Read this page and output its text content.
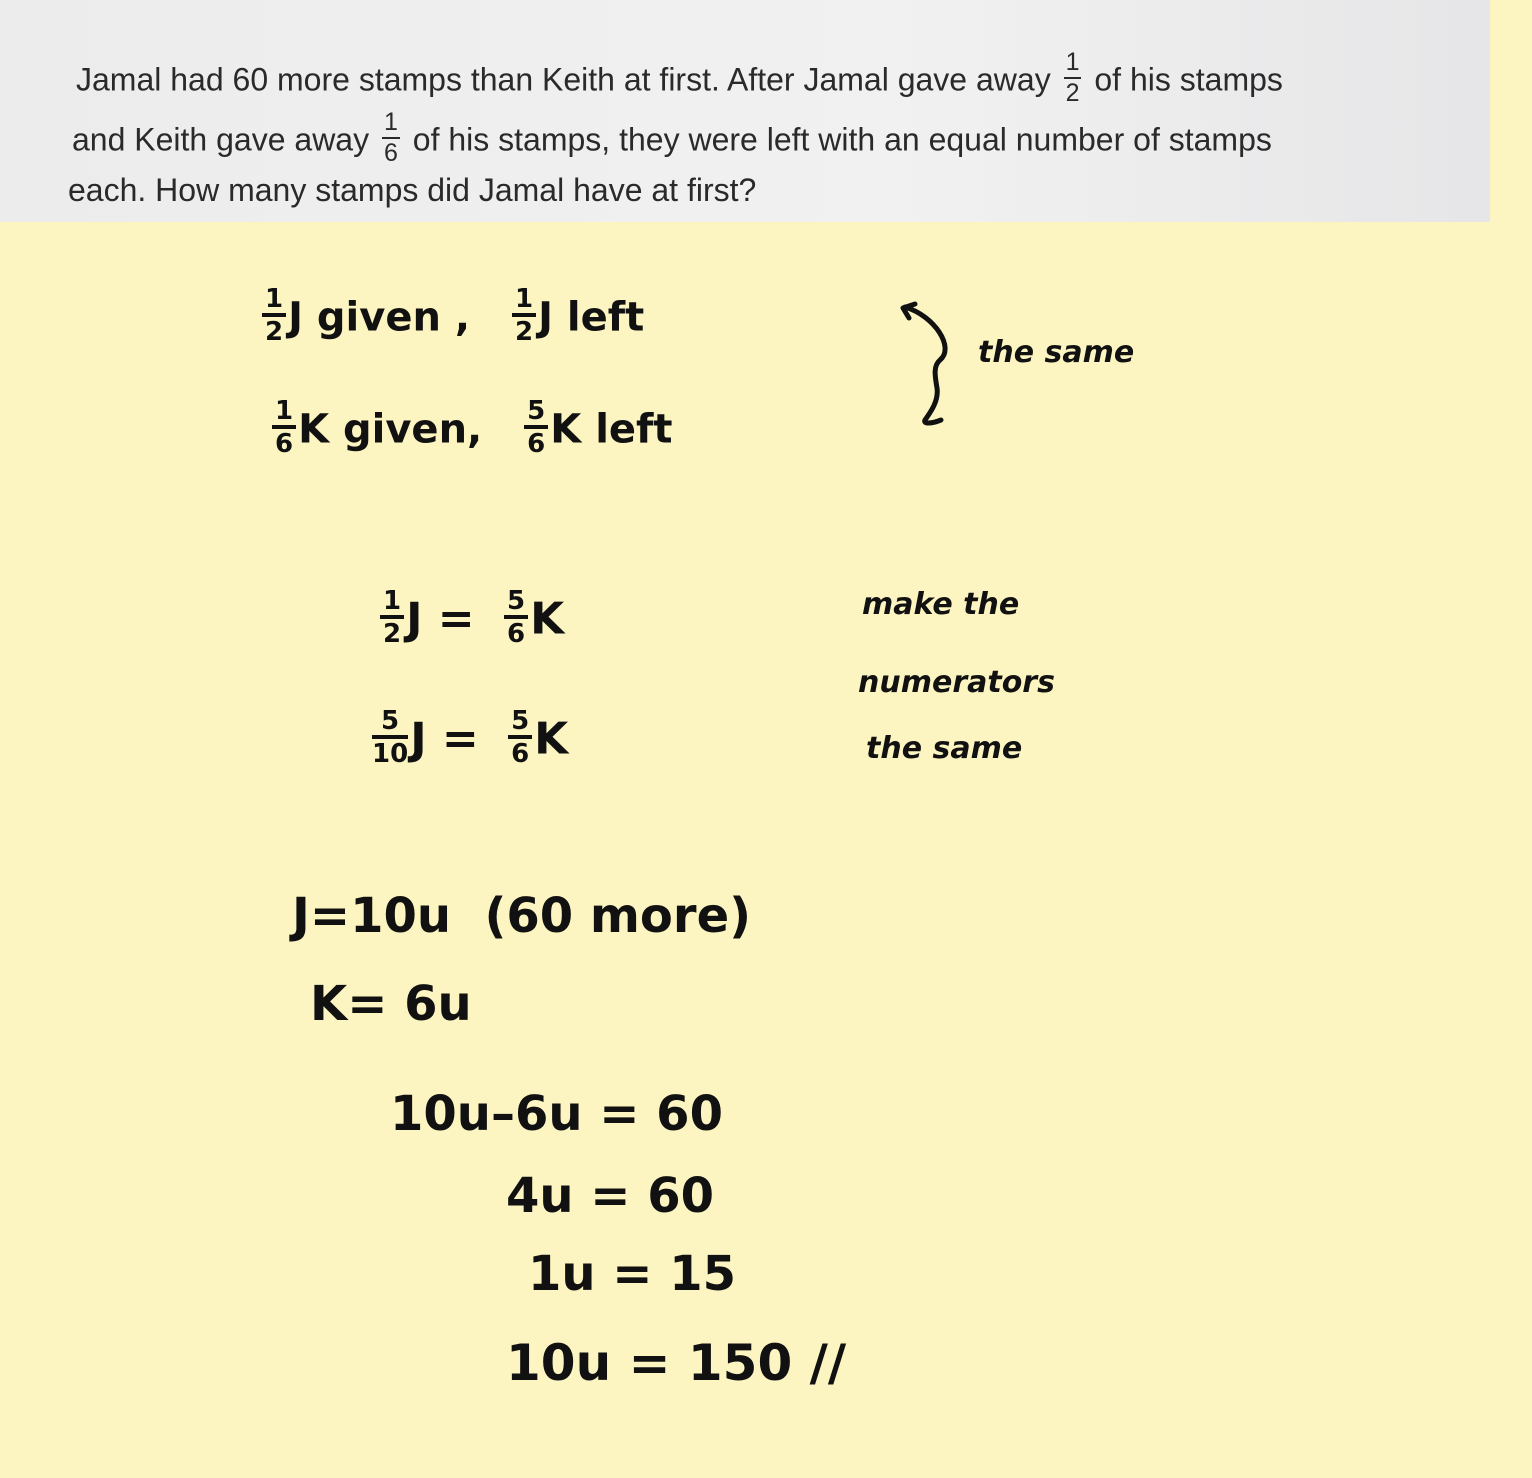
Jamal had 60 more stamps than Keith at first. After Jamal gave away $\frac{1}{2}$ of his stamps
and Keith gave away $\frac{1}{6}$ of his stamps, they were left with an equal number of stamps
each. How many stamps did Jamal have at first?
$\frac{1}{2}$ J given , $\frac{1}{2}$ J left
$\frac{1}{6}$ K given, $\frac{5}{6}$ K left
the same
$\frac{1}{2}$ $J = \frac{5}{6}$ K
$\frac{5}{10}$ $J = \frac{5}{6}$ K
make the
numerators
the same
J=10u  (60 more)
K= 6u
10u–6u = 60
4u = 60
1u = 15
10u = 150 //
